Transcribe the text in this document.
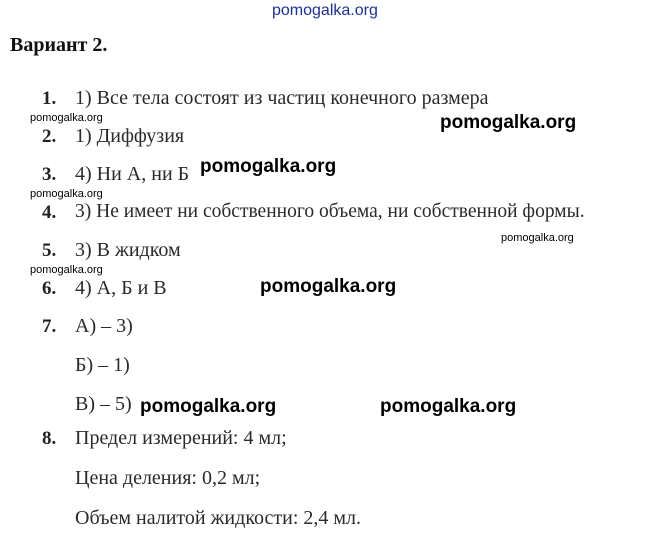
pomogalka.org
Вариант 2.
1. 1) Все тела состоят из частиц конечного размера
2. 1) Диффузия
3. 4) Ни А, ни Б
4. 3) Не имеет ни собственного объема, ни собственной формы.
5. 3) В жидком
6. 4) А, Б и В
7. А) – 3)
Б) – 1)
В) – 5)
8. Предел измерений: 4 мл;
Цена деления: 0,2 мл;
Объем налитой жидкости: 2,4 мл.
pomogalka.org
pomogalka.org
pomogalka.org
pomogalka.org
pomogalka.org
pomogalka.org
pomogalka.org
pomogalka.org	pomogalka.org
